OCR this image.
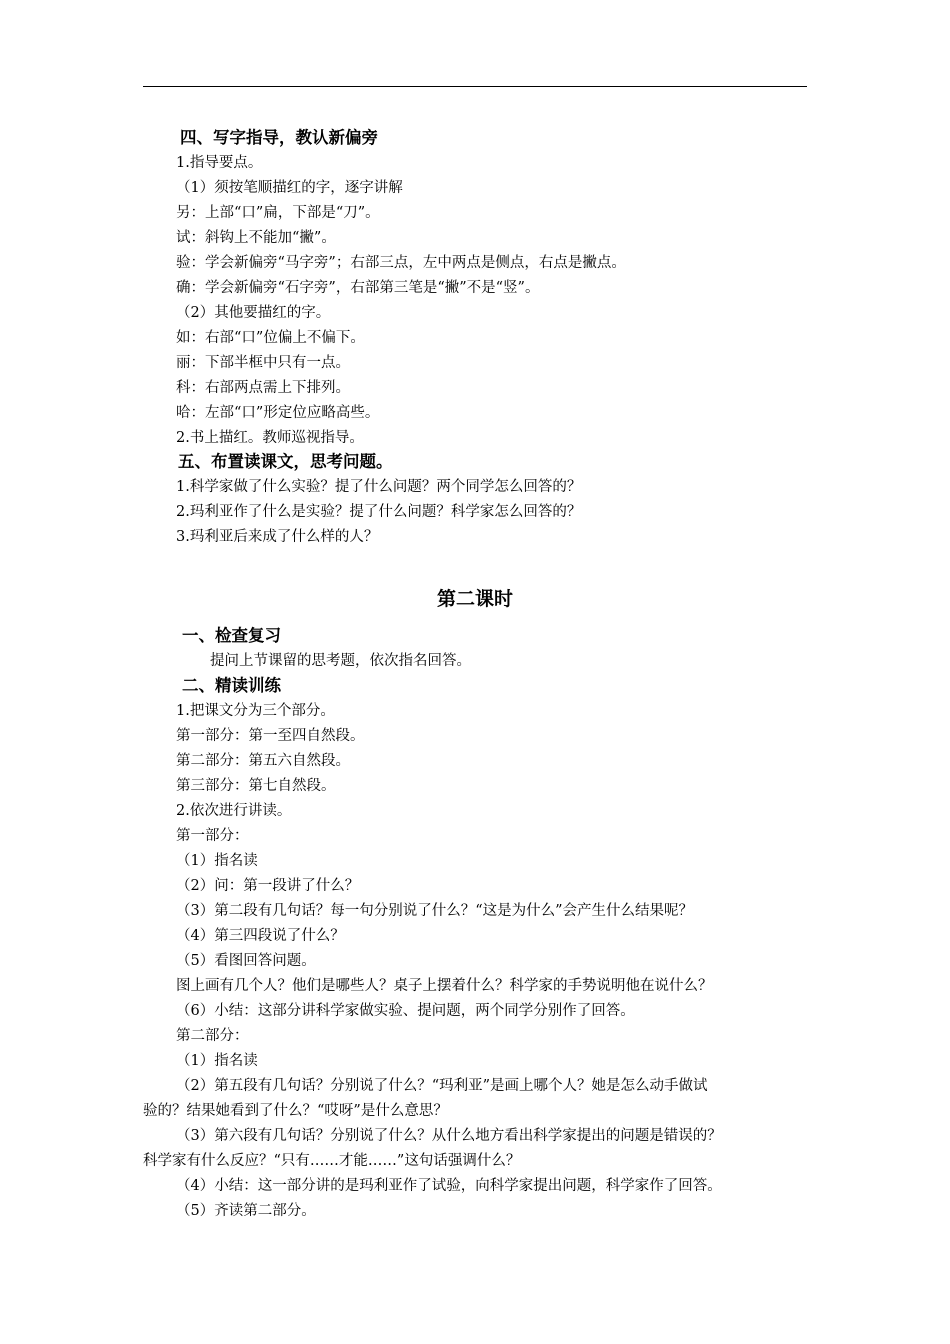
四、写字指导，教认新偏旁
1.指导要点。
（1）须按笔顺描红的字，逐字讲解
另：上部“口”扁，下部是“刀”。
试：斜钩上不能加“撇”。
验：学会新偏旁“马字旁”；右部三点，左中两点是侧点，右点是撇点。
确：学会新偏旁“石字旁”，右部第三笔是“撇”不是“竖”。
（2）其他要描红的字。
如：右部“口”位偏上不偏下。
丽：下部半框中只有一点。
科：右部两点需上下排列。
哈：左部“口”形定位应略高些。
2.书上描红。教师巡视指导。
五、布置读课文，思考问题。
1.科学家做了什么实验？提了什么问题？两个同学怎么回答的？
2.玛利亚作了什么是实验？提了什么问题？科学家怎么回答的？
3.玛利亚后来成了什么样的人？
第二课时
一、检查复习
提问上节课留的思考题，依次指名回答。
二、精读训练
1.把课文分为三个部分。
第一部分：第一至四自然段。
第二部分：第五六自然段。
第三部分：第七自然段。
2.依次进行讲读。
第一部分：
（1）指名读
（2）问：第一段讲了什么？
（3）第二段有几句话？每一句分别说了什么？“这是为什么”会产生什么结果呢？
（4）第三四段说了什么？
（5）看图回答问题。
图上画有几个人？他们是哪些人？桌子上摆着什么？科学家的手势说明他在说什么？
（6）小结：这部分讲科学家做实验、提问题，两个同学分别作了回答。
第二部分：
（1）指名读
（2）第五段有几句话？分别说了什么？“玛利亚”是画上哪个人？她是怎么动手做试
验的？结果她看到了什么？“哎呀”是什么意思？
（3）第六段有几句话？分别说了什么？从什么地方看出科学家提出的问题是错误的？
科学家有什么反应？“只有……才能……”这句话强调什么？
（4）小结：这一部分讲的是玛利亚作了试验，向科学家提出问题，科学家作了回答。
（5）齐读第二部分。
